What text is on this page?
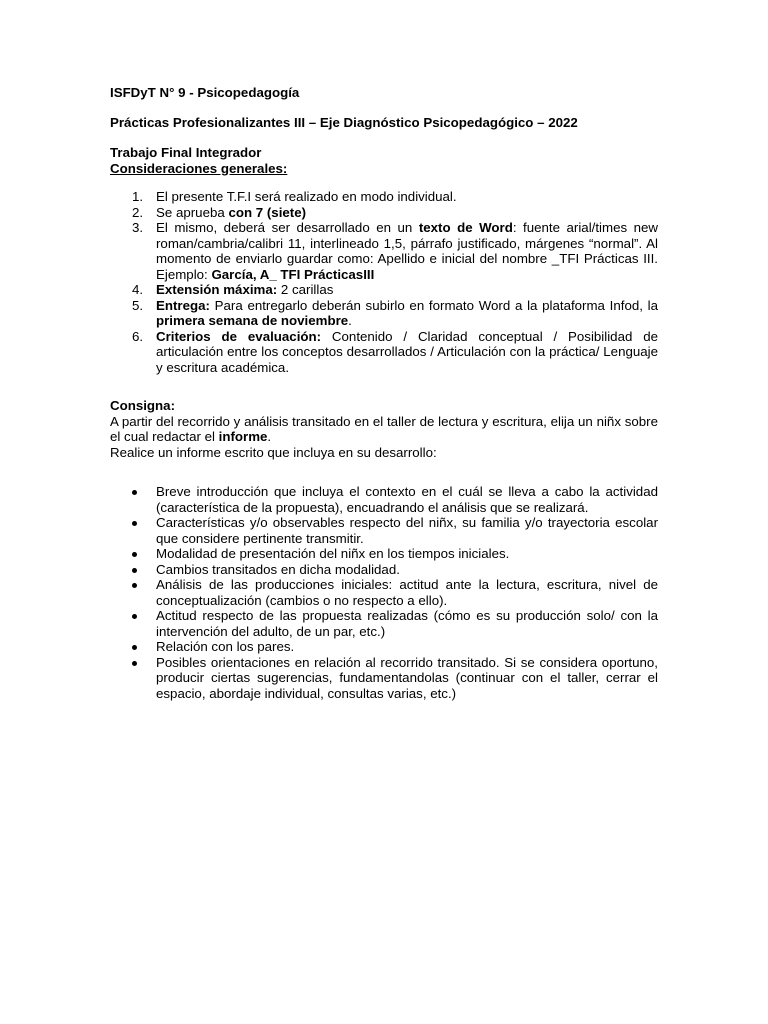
ISFDyT N° 9 - Psicopedagogía

Prácticas Profesionalizantes III – Eje Diagnóstico Psicopedagógico – 2022

Trabajo Final Integrador

Consideraciones generales:

1. El presente T.F.I será realizado en modo individual.
2. Se aprueba con 7 (siete)
3. El mismo, deberá ser desarrollado en un texto de Word: fuente arial/times new roman/cambria/calibri 11, interlineado 1,5, párrafo justificado, márgenes “normal”. Al momento de enviarlo guardar como: Apellido e inicial del nombre _TFI Prácticas III. Ejemplo: García, A_ TFI PrácticasIII
4. Extensión máxima: 2 carillas
5. Entrega: Para entregarlo deberán subirlo en formato Word a la plataforma Infod, la primera semana de noviembre.
6. Criterios de evaluación: Contenido / Claridad conceptual / Posibilidad de articulación entre los conceptos desarrollados / Articulación con la práctica/ Lenguaje y escritura académica.

Consigna:

A partir del recorrido y análisis transitado en el taller de lectura y escritura, elija un niñx sobre el cual redactar el informe.

Realice un informe escrito que incluya en su desarrollo:

Breve introducción que incluya el contexto en el cuál se lleva a cabo la actividad (característica de la propuesta), encuadrando el análisis que se realizará.
Características y/o observables respecto del niñx, su familia y/o trayectoria escolar que considere pertinente transmitir.
Modalidad de presentación del niñx en los tiempos iniciales.
Cambios transitados en dicha modalidad.
Análisis de las producciones iniciales: actitud ante la lectura, escritura, nivel de conceptualización (cambios o no respecto a ello).
Actitud respecto de las propuesta realizadas (cómo es su producción solo/ con la intervención del adulto, de un par, etc.)
Relación con los pares.
Posibles orientaciones en relación al recorrido transitado. Si se considera oportuno, producir ciertas sugerencias, fundamentandolas (continuar con el taller, cerrar el espacio, abordaje individual, consultas varias, etc.)
